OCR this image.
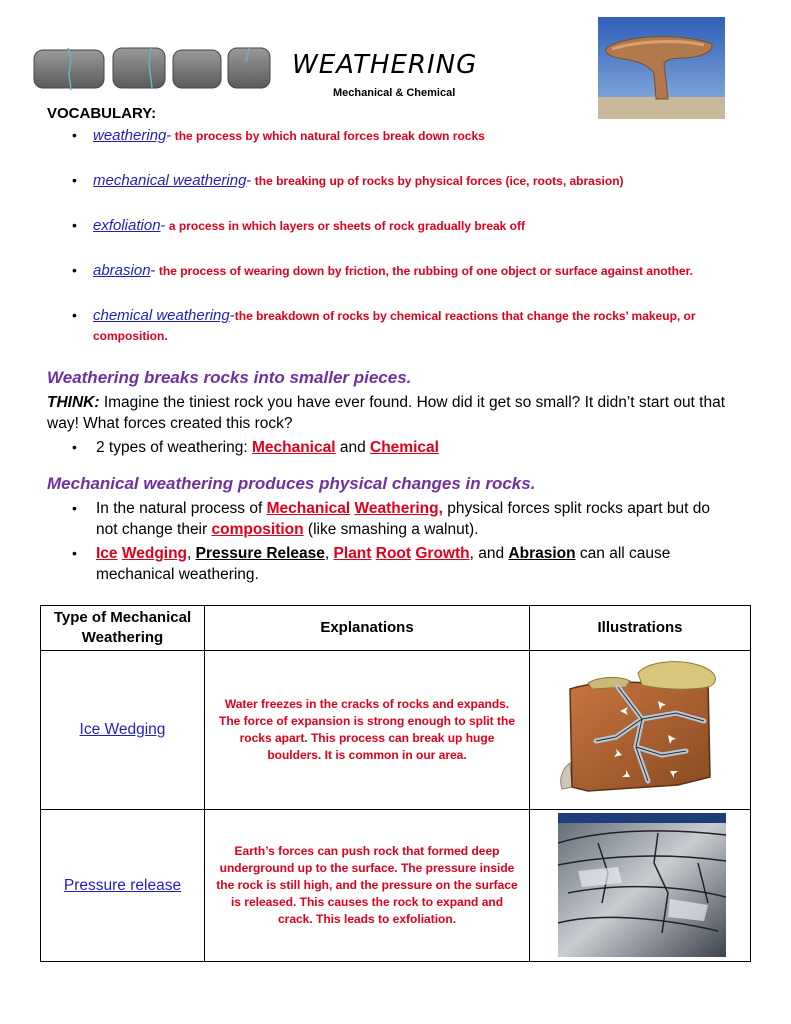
WEATHERING
Mechanical & Chemical
VOCABULARY:
• weathering- the process by which natural forces break down rocks
• mechanical weathering- the breaking up of rocks by physical forces (ice, roots, abrasion)
• exfoliation- a process in which layers or sheets of rock gradually break off
• abrasion- the process of wearing down by friction, the rubbing of one object or surface against another.
• chemical weathering-the breakdown of rocks by chemical reactions that change the rocks’ makeup, or composition.
Weathering breaks rocks into smaller pieces.
THINK: Imagine the tiniest rock you have ever found. How did it get so small? It didn’t start out that way! What forces created this rock?
• 2 types of weathering: Mechanical and Chemical
Mechanical weathering produces physical changes in rocks.
• In the natural process of Mechanical Weathering, physical forces split rocks apart but do not change their composition (like smashing a walnut).
• Ice Wedging, Pressure Release, Plant Root Growth, and Abrasion can all cause mechanical weathering.
Type of Mechanical Weathering
Explanations	Illustrations
Ice Wedging
Water freezes in the cracks of rocks and expands. The force of expansion is strong enough to split the rocks apart. This process can break up huge boulders. It is common in our area.
Pressure release
Earth’s forces can push rock that formed deep underground up to the surface. The pressure inside the rock is still high, and the pressure on the surface is released. This causes the rock to expand and crack. This leads to exfoliation.
